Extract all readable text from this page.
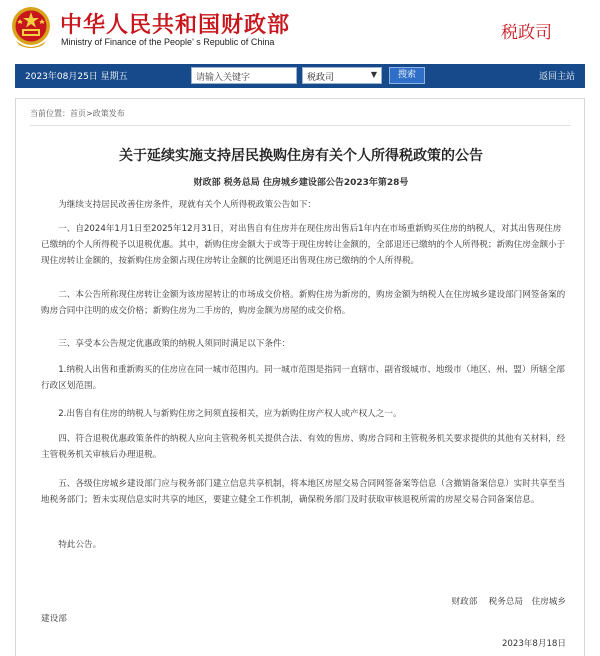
中华人民共和国财政部
Ministry of Finance of the People' s Republic of China	税政司
2023年08月25日 星期五	请输入关键字	税政司	▼	搜索	返回主站
当前位置：首页>政策发布
关于延续实施支持居民换购住房有关个人所得税政策的公告
财政部 税务总局 住房城乡建设部公告2023年第28号

为继续支持居民改善住房条件，现就有关个人所得税政策公告如下：

一、自2024年1月1日至2025年12月31日，对出售自有住房并在现住房出售后1年内在市场重新购买住房的纳税人，对其出售现住房已缴纳的个人所得税予以退税优惠。其中，新购住房金额大于或等于现住房转让金额的，全部退还已缴纳的个人所得税；新购住房金额小于现住房转让金额的，按新购住房金额占现住房转让金额的比例退还出售现住房已缴纳的个人所得税。

二、本公告所称现住房转让金额为该房屋转让的市场成交价格。新购住房为新房的，购房金额为纳税人在住房城乡建设部门网签备案的购房合同中注明的成交价格；新购住房为二手房的，购房金额为房屋的成交价格。

三、享受本公告规定优惠政策的纳税人须同时满足以下条件：

1.纳税人出售和重新购买的住房应在同一城市范围内。同一城市范围是指同一直辖市、副省级城市、地级市（地区、州、盟）所辖全部行政区划范围。

2.出售自有住房的纳税人与新购住房之间须直接相关，应为新购住房产权人或产权人之一。

四、符合退税优惠政策条件的纳税人应向主管税务机关提供合法、有效的售房、购房合同和主管税务机关要求提供的其他有关材料，经主管税务机关审核后办理退税。

五、各级住房城乡建设部门应与税务部门建立信息共享机制，将本地区房屋交易合同网签备案等信息（含撤销备案信息）实时共享至当地税务部门；暂未实现信息实时共享的地区，要建立健全工作机制，确保税务部门及时获取审核退税所需的房屋交易合同备案信息。

特此公告。

财政部　 税务总局　住房城乡
建设部
2023年8月18日
